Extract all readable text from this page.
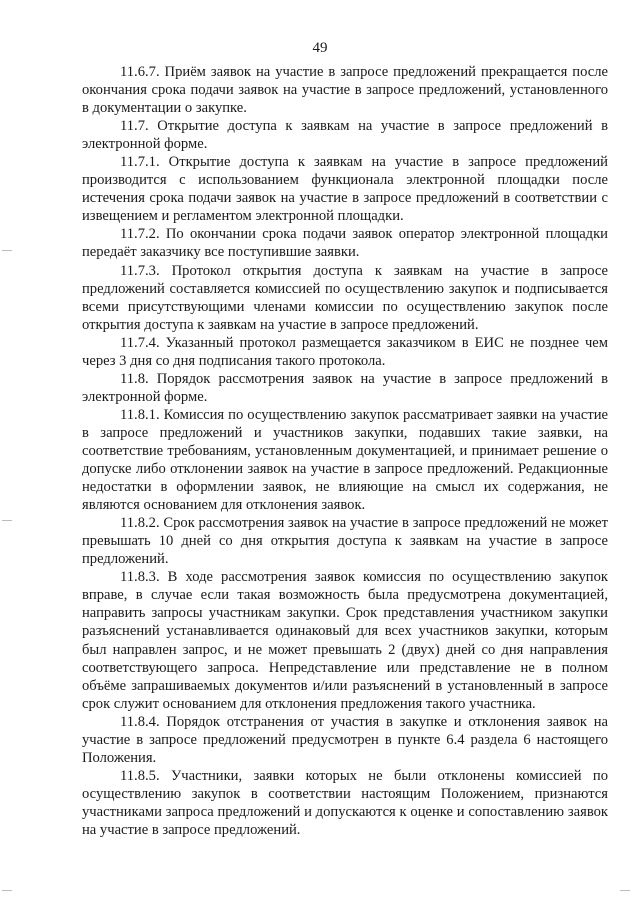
49

11.6.7. Приём заявок на участие в запросе предложений прекращается после окончания срока подачи заявок на участие в запросе предложений, установленного в документации о закупке.

11.7. Открытие доступа к заявкам на участие в запросе предложений в электронной форме.

11.7.1. Открытие доступа к заявкам на участие в запросе предложений производится с использованием функционала электронной площадки после истечения срока подачи заявок на участие в запросе предложений в соответствии с извещением и регламентом электронной площадки.

11.7.2. По окончании срока подачи заявок оператор электронной площадки передаёт заказчику все поступившие заявки.

11.7.3. Протокол открытия доступа к заявкам на участие в запросе предложений составляется комиссией по осуществлению закупок и подписывается всеми присутствующими членами комиссии по осуществлению закупок после открытия доступа к заявкам на участие в запросе предложений.

11.7.4. Указанный протокол размещается заказчиком в ЕИС не позднее чем через 3 дня со дня подписания такого протокола.

11.8. Порядок рассмотрения заявок на участие в запросе предложений в электронной форме.

11.8.1. Комиссия по осуществлению закупок рассматривает заявки на участие в запросе предложений и участников закупки, подавших такие заявки, на соответствие требованиям, установленным документацией, и принимает решение о допуске либо отклонении заявок на участие в запросе предложений. Редакционные недостатки в оформлении заявок, не влияющие на смысл их содержания, не являются основанием для отклонения заявок.

11.8.2. Срок рассмотрения заявок на участие в запросе предложений не может превышать 10 дней со дня открытия доступа к заявкам на участие в запросе предложений.

11.8.3. В ходе рассмотрения заявок комиссия по осуществлению закупок вправе, в случае если такая возможность была предусмотрена документацией, направить запросы участникам закупки. Срок представления участником закупки разъяснений устанавливается одинаковый для всех участников закупки, которым был направлен запрос, и не может превышать 2 (двух) дней со дня направления соответствующего запроса. Непредставление или представление не в полном объёме запрашиваемых документов и/или разъяснений в установленный в запросе срок служит основанием для отклонения предложения такого участника.

11.8.4. Порядок отстранения от участия в закупке и отклонения заявок на участие в запросе предложений предусмотрен в пункте 6.4 раздела 6 настоящего Положения.

11.8.5. Участники, заявки которых не были отклонены комиссией по осуществлению закупок в соответствии настоящим Положением, признаются участниками запроса предложений и допускаются к оценке и сопоставлению заявок на участие в запросе предложений.
